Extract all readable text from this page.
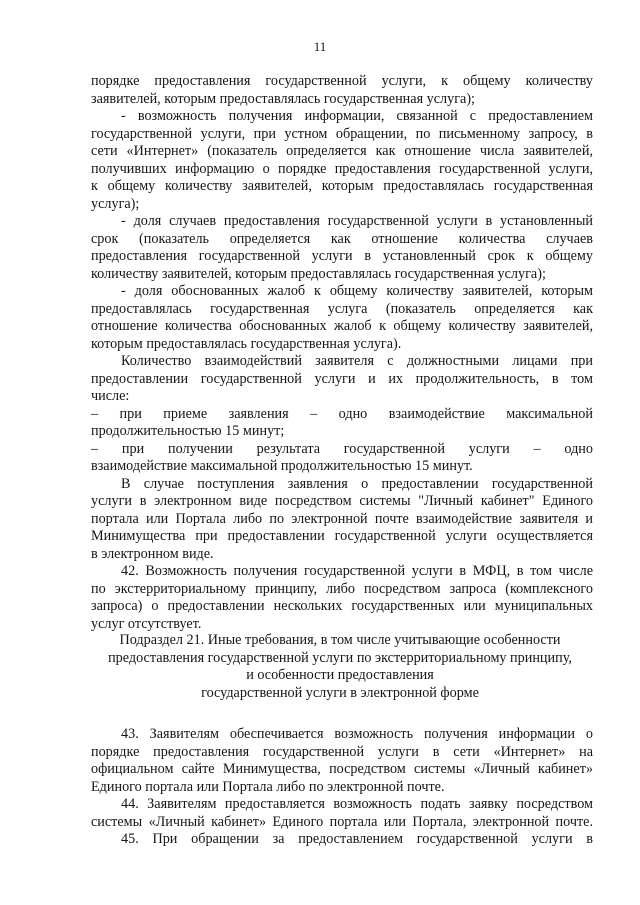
11

порядке предоставления государственной услуги, к общему количеству
заявителей, которым предоставлялась государственная услуга);

- возможность получения информации, связанной с предоставлением
государственной услуги, при устном обращении, по письменному запросу, в
сети «Интернет» (показатель определяется как отношение числа заявителей,
получивших информацию о порядке предоставления государственной услуги,
к общему количеству заявителей, которым предоставлялась государственная
услуга);

- доля случаев предоставления государственной услуги в установленный
срок (показатель определяется как отношение количества случаев
предоставления государственной услуги в установленный срок к общему
количеству заявителей, которым предоставлялась государственная услуга);

- доля обоснованных жалоб к общему количеству заявителей, которым
предоставлялась государственная услуга (показатель определяется как
отношение количества обоснованных жалоб к общему количеству заявителей,
которым предоставлялась государственная услуга).

Количество взаимодействий заявителя с должностными лицами при
предоставлении государственной услуги и их продолжительность, в том
числе:

– при приеме заявления – одно взаимодействие максимальной
продолжительностью 15 минут;

– при получении результата государственной услуги – одно
взаимодействие максимальной продолжительностью 15 минут.

В случае поступления заявления о предоставлении государственной
услуги в электронном виде посредством системы "Личный кабинет" Единого
портала или Портала либо по электронной почте взаимодействие заявителя и
Минимущества при предоставлении государственной услуги осуществляется
в электронном виде.

42. Возможность получения государственной услуги в МФЦ, в том числе
по экстерриториальному принципу, либо посредством запроса (комплексного
запроса) о предоставлении нескольких государственных или муниципальных
услуг отсутствует.

Подраздел 21. Иные требования, в том числе учитывающие особенности
предоставления государственной услуги по экстерриториальному принципу,
и особенности предоставления
государственной услуги в электронной форме

43. Заявителям обеспечивается возможность получения информации о
порядке предоставления государственной услуги в сети «Интернет» на
официальном сайте Минимущества, посредством системы «Личный кабинет»
Единого портала или Портала либо по электронной почте.

44. Заявителям предоставляется возможность подать заявку посредством
системы «Личный кабинет» Единого портала или Портала, электронной почте.

45. При обращении за предоставлением государственной услуги в
